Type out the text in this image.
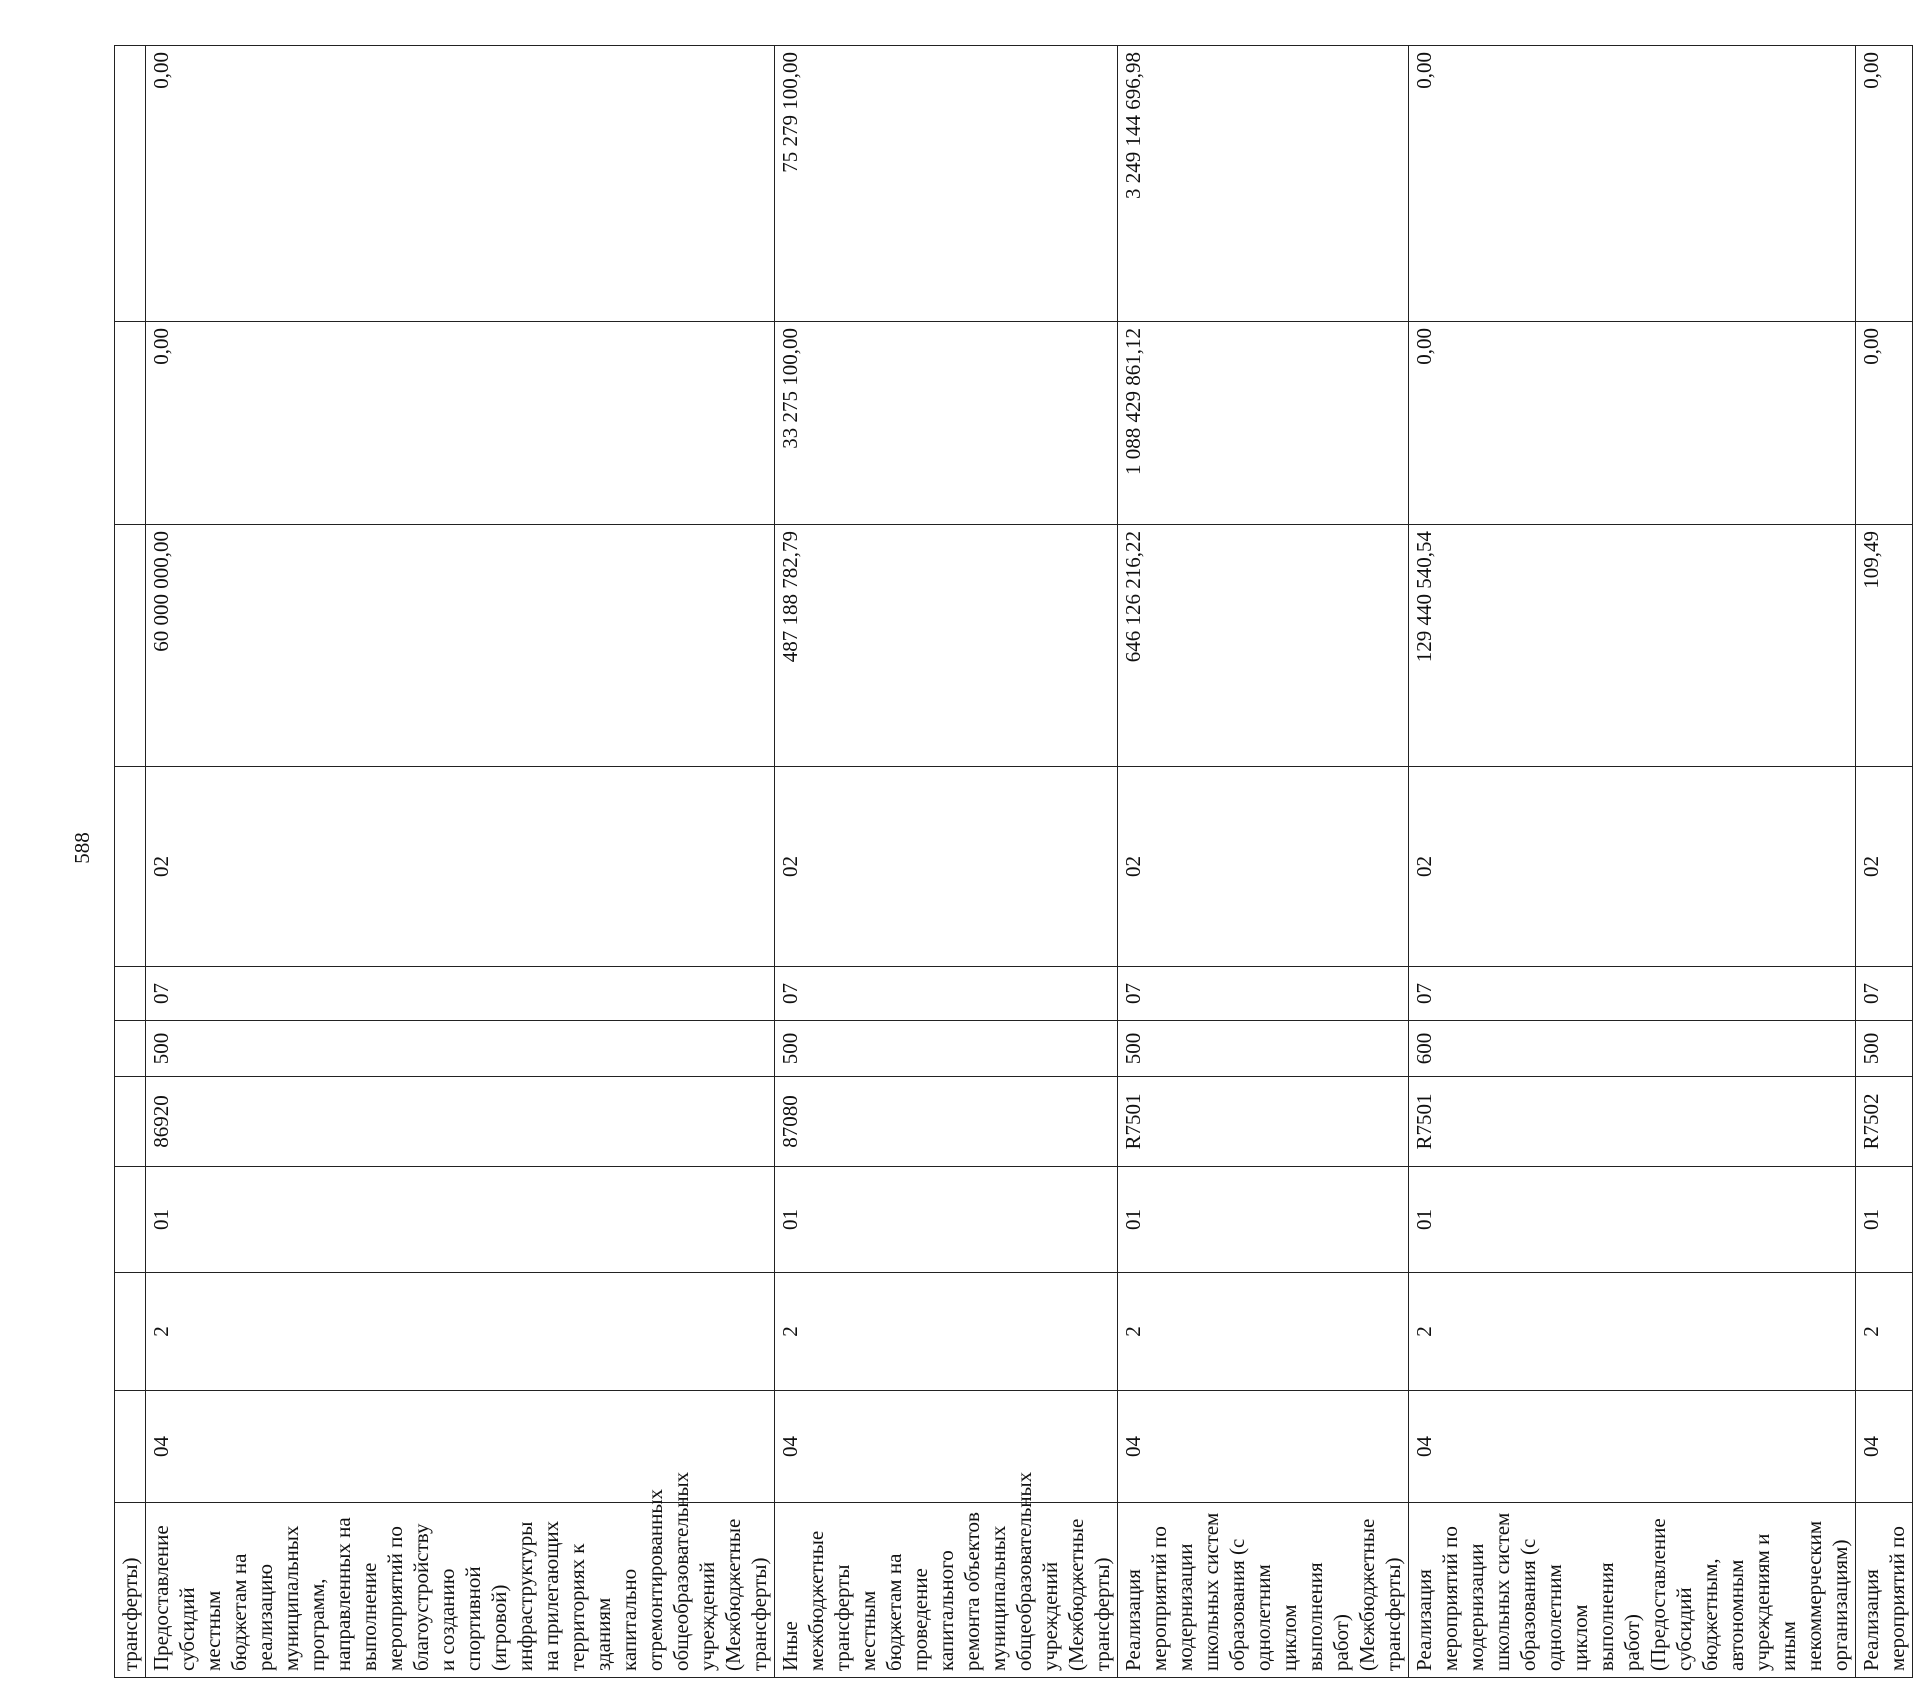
588
трансферты)										
Предоставление субсидий местным бюджетам на реализацию муниципальных программ, направленных на выполнение мероприятий по благоустройству и созданию спортивной (игровой) инфраструктуры на прилегающих территориях к зданиям капитально отремонтированных общеобразовательных учреждений (Межбюджетные трансферты)	04	2	01	86920	500	07	02	60 000 000,00	0,00	0,00
Иные межбюджетные трансферты местным бюджетам на проведение капитального ремонта объектов муниципальных общеобразовательных учреждений (Межбюджетные трансферты)	04	2	01	87080	500	07	02	487 188 782,79	33 275 100,00	75 279 100,00
Реализация мероприятий по модернизации школьных систем образования (с однолетним циклом выполнения работ) (Межбюджетные трансферты)	04	2	01	R7501	500	07	02	646 126 216,22	1 088 429 861,12	3 249 144 696,98
Реализация мероприятий по модернизации школьных систем образования (с однолетним циклом выполнения работ) (Предоставление субсидий бюджетным, автономным учреждениям и иным некоммерческим организациям)	04	2	01	R7501	600	07	02	129 440 540,54	0,00	0,00
Реализация мероприятий по	04	2	01	R7502	500	07	02	109,49	0,00	0,00
